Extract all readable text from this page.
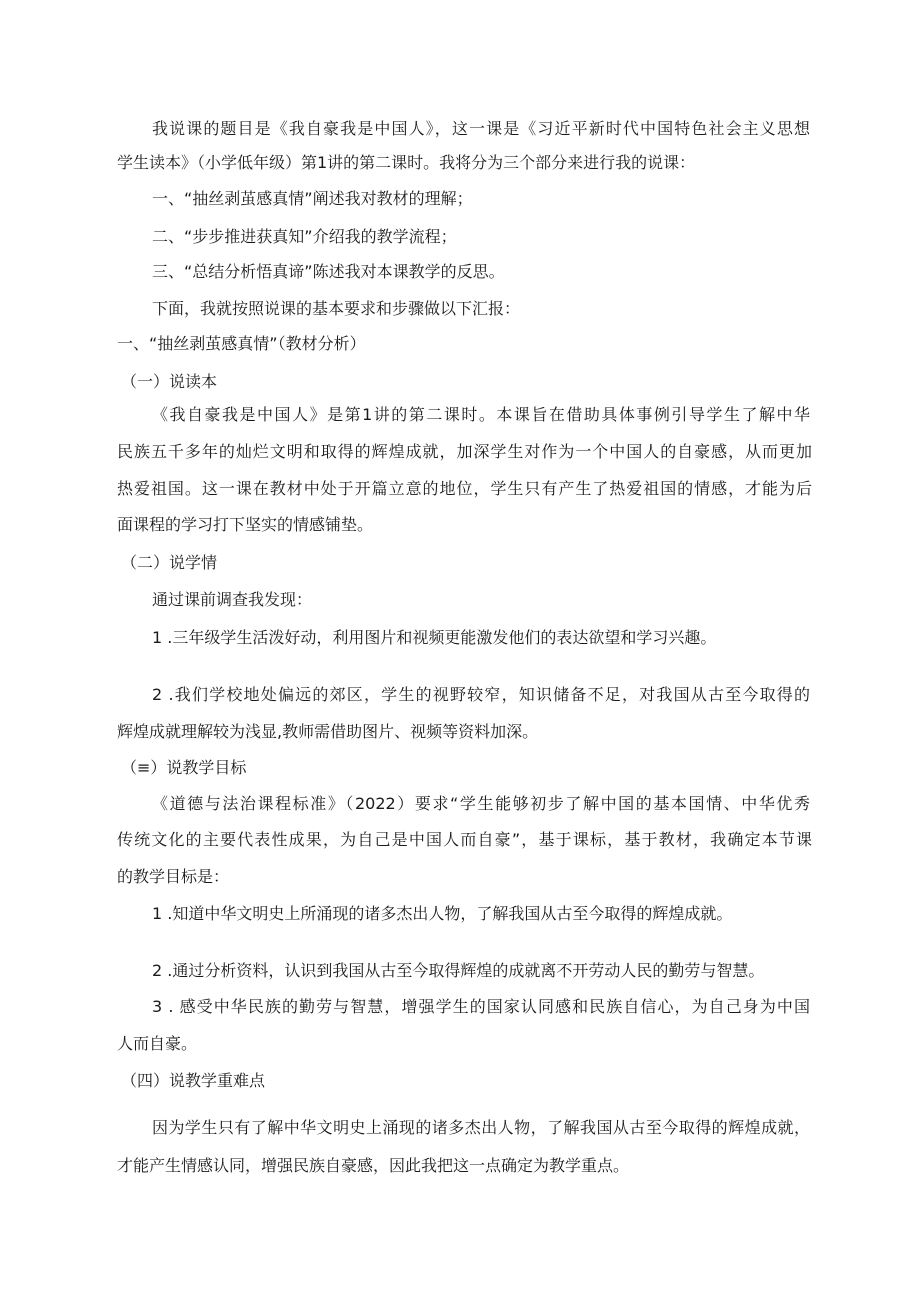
我说课的题目是《我自豪我是中国人》，这一课是《习近平新时代中国特色社会主义思想

学生读本》（小学低年级）第1讲的第二课时。我将分为三个部分来进行我的说课：

一、“抽丝剥茧感真情”阐述我对教材的理解；

二、“步步推进获真知”介绍我的教学流程；

三、“总结分析悟真谛”陈述我对本课教学的反思。

下面，我就按照说课的基本要求和步骤做以下汇报：

一、“抽丝剥茧感真情”（教材分析）

（一）说读本

《我自豪我是中国人》是第1讲的第二课时。本课旨在借助具体事例引导学生了解中华

民族五千多年的灿烂文明和取得的辉煌成就，加深学生对作为一个中国人的自豪感，从而更加

热爱祖国。这一课在教材中处于开篇立意的地位，学生只有产生了热爱祖国的情感，才能为后

面课程的学习打下坚实的情感铺垫。

（二）说学情

通过课前调查我发现：

1 .三年级学生活泼好动，利用图片和视频更能激发他们的表达欲望和学习兴趣。

2 .我们学校地处偏远的郊区，学生的视野较窄，知识储备不足，对我国从古至今取得的

辉煌成就理解较为浅显,教师需借助图片、视频等资料加深。

（≡）说教学目标

《道德与法治课程标准》（2022）要求“学生能够初步了解中国的基本国情、中华优秀

传统文化的主要代表性成果，为自己是中国人而自豪”，基于课标，基于教材，我确定本节课

的教学目标是：

1 .知道中华文明史上所涌现的诸多杰出人物，了解我国从古至今取得的辉煌成就。

2 .通过分析资料，认识到我国从古至今取得辉煌的成就离不开劳动人民的勤劳与智慧。

3 . 感受中华民族的勤劳与智慧，增强学生的国家认同感和民族自信心，为自己身为中国

人而自豪。

（四）说教学重难点

因为学生只有了解中华文明史上涌现的诸多杰出人物，了解我国从古至今取得的辉煌成就，

才能产生情感认同，增强民族自豪感，因此我把这一点确定为教学重点。
